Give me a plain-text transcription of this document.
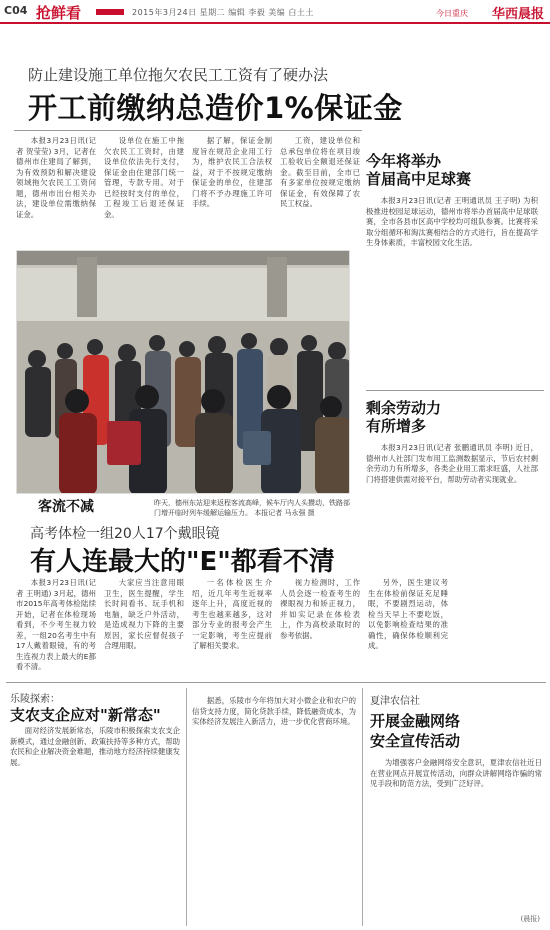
C04 抢鲜看	2015年3月24日 星期二 编辑 李毅 美编 白土土	今日重庆 华西晨报
防止建设施工单位拖欠农民工工资有了硬办法
开工前缴纳总造价1%保证金

本报3月23日讯(记者 贺莹莹) 3月，记者在德州市住建局了解到，为有效预防和解决建设领域拖欠农民工工资问题，德州市出台相关办法，建设单位需缴纳保证金。

设单位在施工中拖欠农民工工资时，由建设单位依法先行支付，保证金由住建部门统一管理，专款专用。对于已经按时支付的单位，工程竣工后退还保证金。

据了解，保证金制度旨在规范企业用工行为，维护农民工合法权益，对于不按规定缴纳保证金的单位，住建部门将不予办理施工许可手续。

工资，建设单位和总承包单位将在项目竣工验收后全额退还保证金。截至目前，全市已有多家单位按规定缴纳保证金，有效保障了农民工权益。

客流不减	昨天，德州东站迎来返程客流高峰，候车厅内人头攒动，铁路部门增开临时列车缓解运输压力。 本报记者 马永强 摄
今年将举办
首届高中足球赛

本报3月23日讯(记者 王明通讯员 王子明) 为积极推进校园足球运动，德州市将举办首届高中足球联赛，全市各县市区高中学校均可组队参赛。比赛将采取分组循环和淘汰赛相结合的方式进行，旨在提高学生身体素质，丰富校园文化生活。

剩余劳动力
有所增多

本报3月23日讯(记者 张鹏通讯员 李明) 近日，德州市人社部门发布用工监测数据显示，节后农村剩余劳动力有所增多，各类企业用工需求旺盛，人社部门将搭建供需对接平台，帮助劳动者实现就业。

高考体检一组20人17个戴眼镜
有人连最大的"E"都看不清

本报3月23日讯(记者 王明通) 3月起，德州市2015年高考体检陆续开始，记者在体检现场看到，不少考生视力较差，一组20名考生中有17人戴着眼镜，有的考生连视力表上最大的E都看不清。

大家应当注意用眼卫生，医生提醒，学生长时间看书、玩手机和电脑，缺乏户外活动，是造成视力下降的主要原因，家长应督促孩子合理用眼。

一名体检医生介绍，近几年考生近视率逐年上升，高度近视的考生也越来越多，这对部分专业的报考会产生一定影响，考生应提前了解相关要求。

视力检测时，工作人员会逐一检查考生的裸眼视力和矫正视力，并如实记录在体检表上，作为高校录取时的参考依据。

另外，医生建议考生在体检前保证充足睡眠，不要剧烈运动，体检当天早上不要吃饭，以免影响检查结果的准确性，确保体检顺利完成。

乐陵探索：
支农支企应对"新常态"

面对经济发展新常态，乐陵市积极探索支农支企新模式，通过金融创新、政策扶持等多种方式，帮助农民和企业解决资金难题，推动地方经济持续健康发展。

据悉，乐陵市今年将加大对小微企业和农户的信贷支持力度，简化贷款手续，降低融资成本，为实体经济发展注入新活力，进一步优化营商环境。

夏津农信社
开展金融网络
安全宣传活动

为增强客户金融网络安全意识，夏津农信社近日在营业网点开展宣传活动，向群众讲解网络诈骗的常见手段和防范方法，受到广泛好评。

(晨报)
